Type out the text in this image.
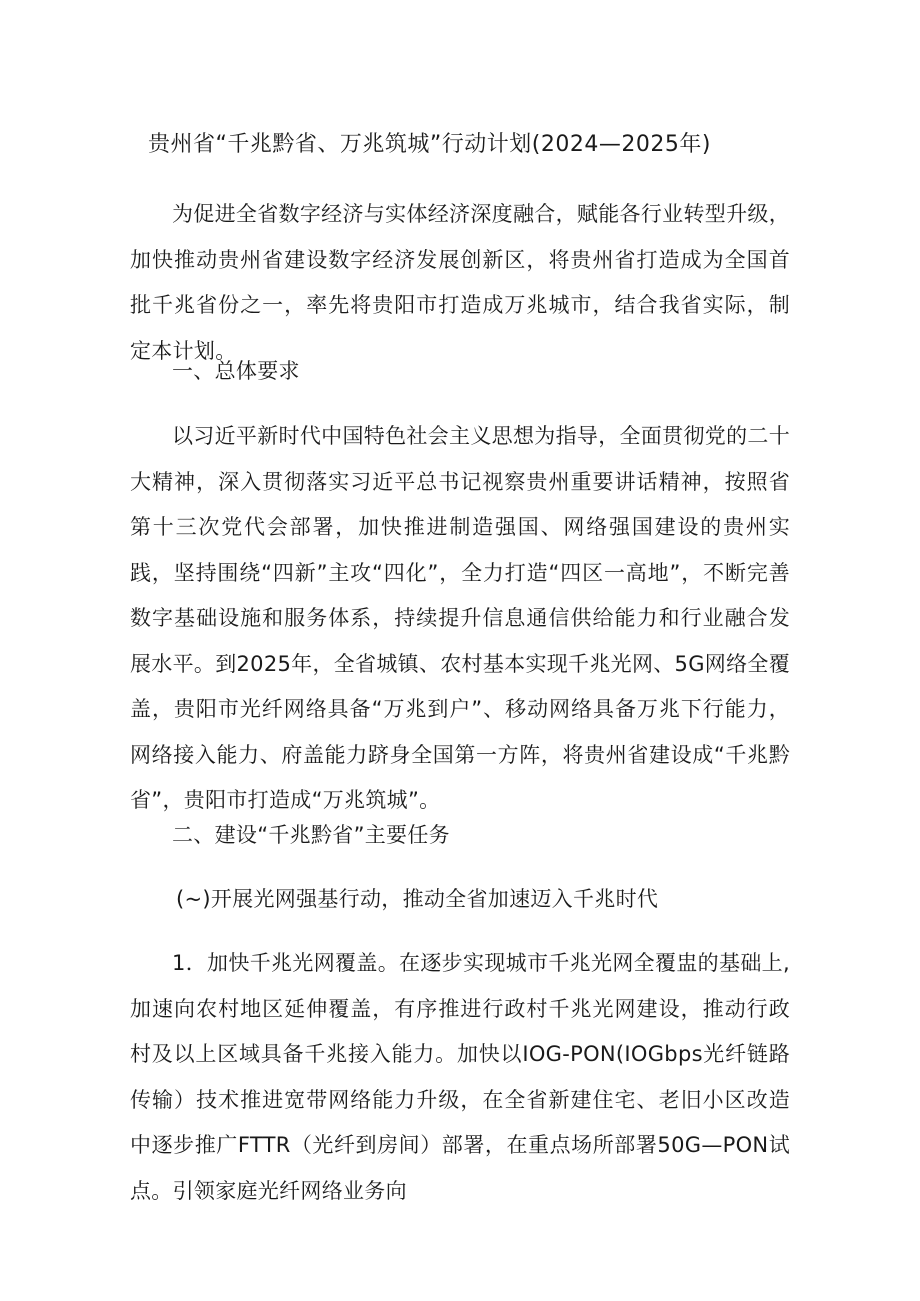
贵州省“千兆黔省、万兆筑城”行动计划(2024—2025年)
为促进全省数字经济与实体经济深度融合，赋能各行业转型升级，加快推动贵州省建设数字经济发展创新区，将贵州省打造成为全国首批千兆省份之一，率先将贵阳市打造成万兆城市，结合我省实际，制定本计划。
一、总体要求
以习近平新时代中国特色社会主义思想为指导，全面贯彻党的二十大精神，深入贯彻落实习近平总书记视察贵州重要讲话精神，按照省第十三次党代会部署，加快推进制造强国、网络强国建设的贵州实践，坚持围绕“四新”主攻“四化”，全力打造“四区一高地”，不断完善数字基础设施和服务体系，持续提升信息通信供给能力和行业融合发展水平。到2025年，全省城镇、农村基本实现千兆光网、5G网络全覆盖，贵阳市光纤网络具备“万兆到户”、移动网络具备万兆下行能力，网络接入能力、府盖能力跻身全国第一方阵，将贵州省建设成“千兆黔省”，贵阳市打造成“万兆筑城”。
二、建设“千兆黔省”主要任务
(~)开展光网强基行动，推动全省加速迈入千兆时代
1．加快千兆光网覆盖。在逐步实现城市千兆光网全覆盅的基础上,加速向农村地区延伸覆盖，有序推进行政村千兆光网建设，推动行政村及以上区域具备千兆接入能力。加快以IOG-PON(IOGbps光纤链路传输）技术推进宽带网络能力升级，在全省新建住宅、老旧小区改造中逐步推广FTTR（光纤到房间）部署，在重点场所部署50G—PON试点。引领家庭光纤网络业务向
